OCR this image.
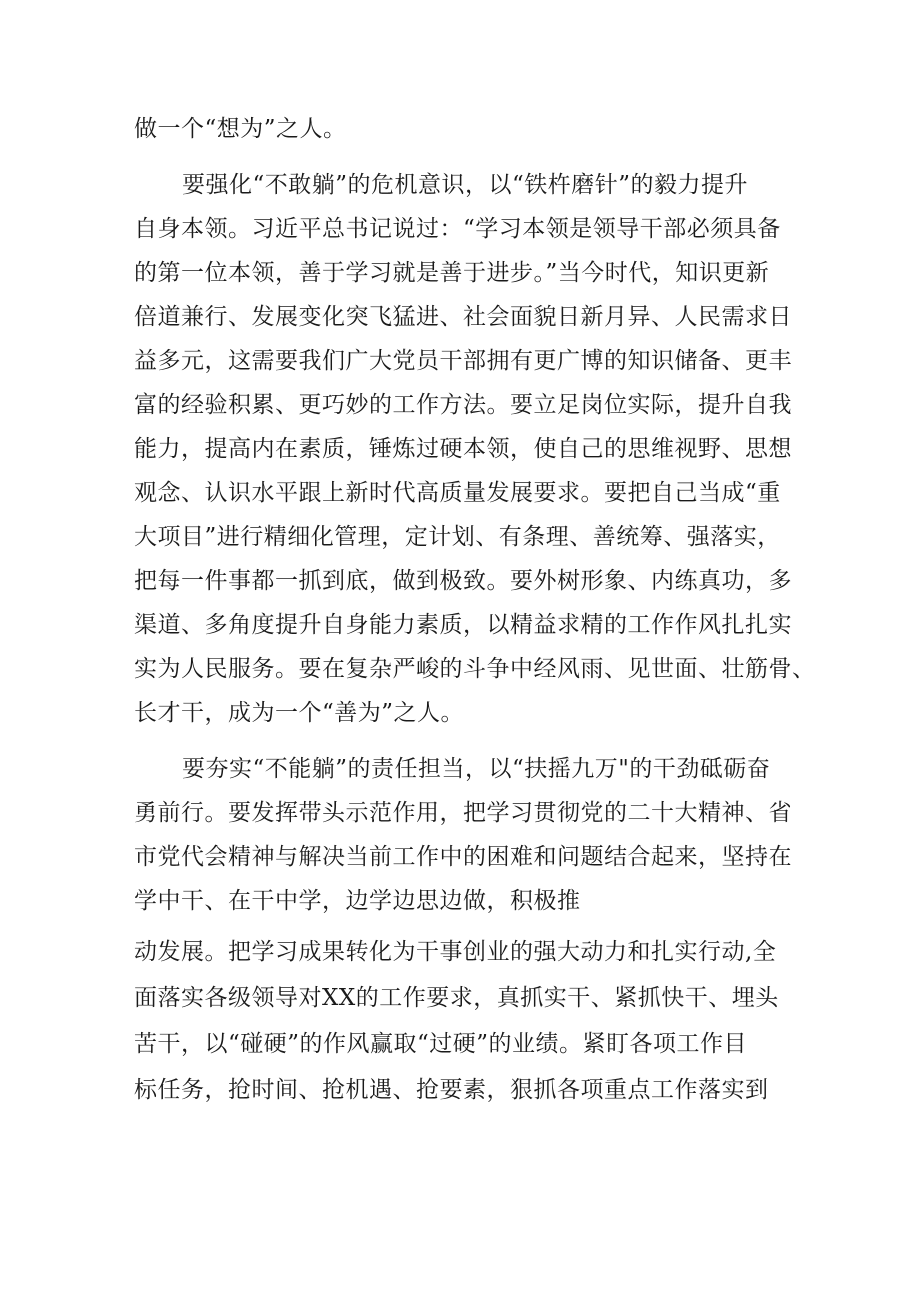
做一个“想为”之人。
要强化“不敢躺”的危机意识，以“铁杵磨针”的毅力提升
自身本领。习近平总书记说过：“学习本领是领导干部必须具备
的第一位本领，善于学习就是善于进步。”当今时代，知识更新
倍道兼行、发展变化突飞猛进、社会面貌日新月异、人民需求日
益多元，这需要我们广大党员干部拥有更广博的知识储备、更丰
富的经验积累、更巧妙的工作方法。要立足岗位实际，提升自我
能力，提高内在素质，锤炼过硬本领，使自己的思维视野、思想
观念、认识水平跟上新时代高质量发展要求。要把自己当成“重
大项目”进行精细化管理，定计划、有条理、善统筹、强落实，
把每一件事都一抓到底，做到极致。要外树形象、内练真功，多
渠道、多角度提升自身能力素质，以精益求精的工作作风扎扎实
实为人民服务。要在复杂严峻的斗争中经风雨、见世面、壮筋骨、
长才干，成为一个“善为”之人。
要夯实“不能躺”的责任担当，以“扶摇九万"的干劲砥砺奋
勇前行。要发挥带头示范作用，把学习贯彻党的二十大精神、省
市党代会精神与解决当前工作中的困难和问题结合起来，坚持在
学中干、在干中学，边学边思边做，积极推
动发展。把学习成果转化为干事创业的强大动力和扎实行动,全
面落实各级领导对XX的工作要求，真抓实干、紧抓快干、埋头
苦干，以“碰硬”的作风赢取“过硬”的业绩。紧盯各项工作目
标任务，抢时间、抢机遇、抢要素，狠抓各项重点工作落实到
